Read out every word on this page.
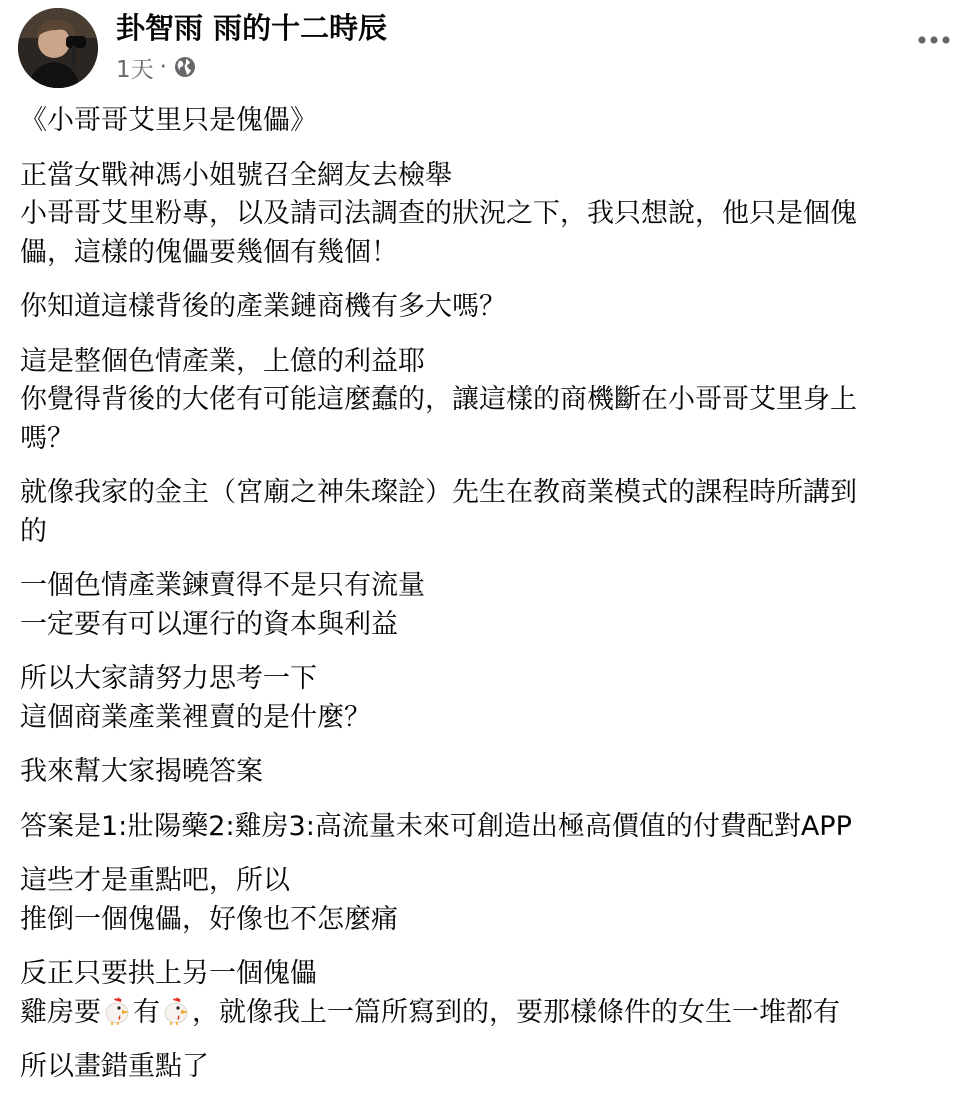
卦智雨 雨的十二時辰
1天 ·
《小哥哥艾里只是傀儡》
正當女戰神馮小姐號召全網友去檢舉
小哥哥艾里粉專，以及請司法調查的狀況之下，我只想說，他只是個傀
儡，這樣的傀儡要幾個有幾個！
你知道這樣背後的產業鏈商機有多大嗎？
這是整個色情產業，上億的利益耶
你覺得背後的大佬有可能這麼蠢的，讓這樣的商機斷在小哥哥艾里身上
嗎？
就像我家的金主（宮廟之神朱璨詮）先生在教商業模式的課程時所講到
的
一個色情產業鍊賣得不是只有流量
一定要有可以運行的資本與利益
所以大家請努力思考一下
這個商業產業裡賣的是什麼？
我來幫大家揭曉答案
答案是1:壯陽藥2:雞房3:高流量未來可創造出極高價值的付費配對APP
這些才是重點吧，所以
推倒一個傀儡，好像也不怎麼痛
反正只要拱上另一個傀儡
雞房要 有 ，就像我上一篇所寫到的，要那樣條件的女生一堆都有
所以畫錯重點了
